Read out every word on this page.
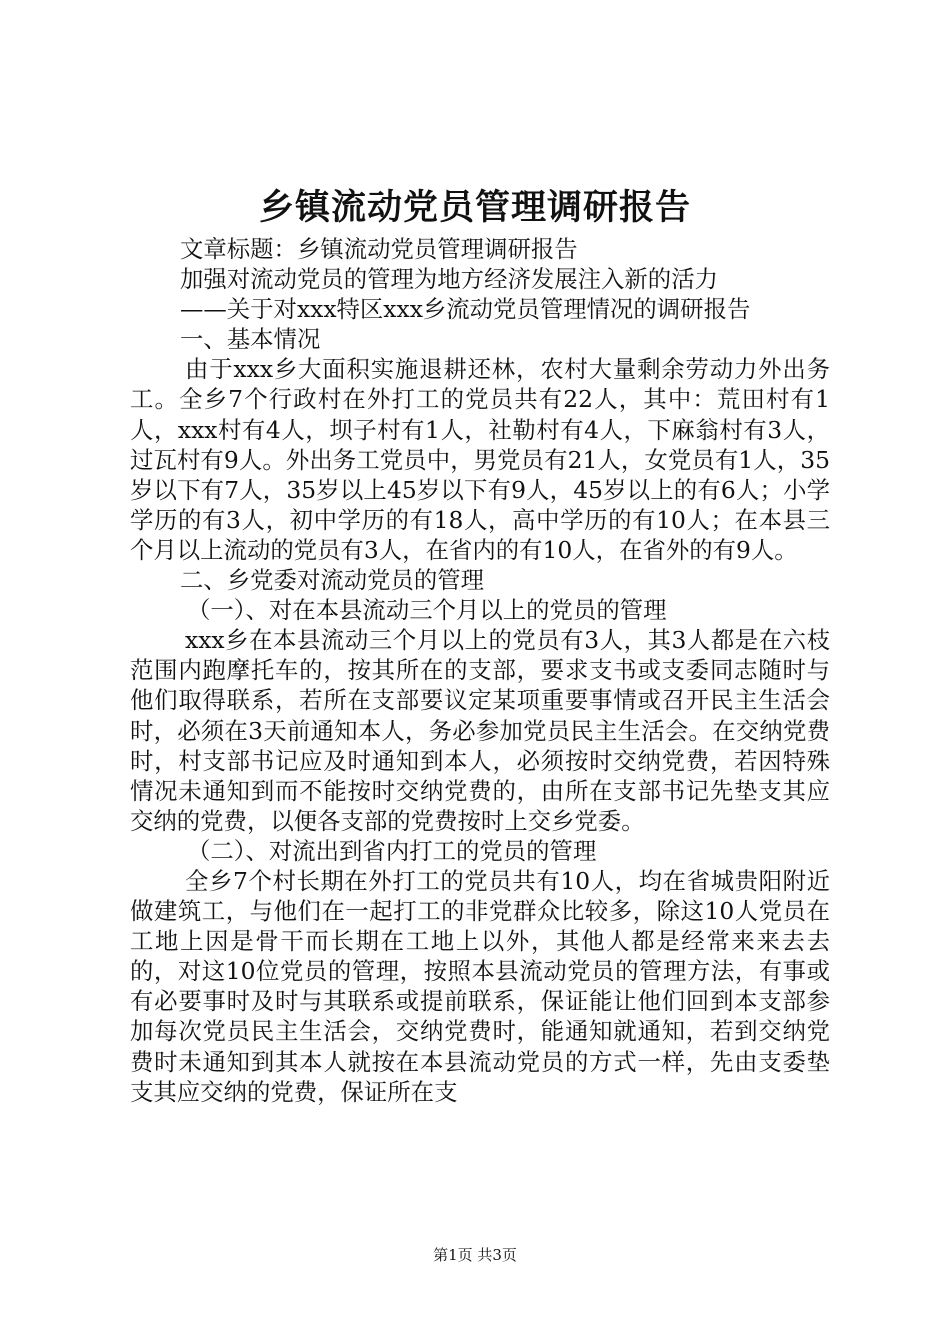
乡镇流动党员管理调研报告

文章标题：乡镇流动党员管理调研报告

加强对流动党员的管理为地方经济发展注入新的活力

——关于对xxx特区xxx乡流动党员管理情况的调研报告

一、基本情况

由于xxx乡大面积实施退耕还林，农村大量剩余劳动力外出务工。全乡7个行政村在外打工的党员共有22人，其中：荒田村有1人，xxx村有4人，坝子村有1人，社勒村有4人，下麻翁村有3人，过瓦村有9人。外出务工党员中，男党员有21人，女党员有1人，35岁以下有7人，35岁以上45岁以下有9人，45岁以上的有6人；小学学历的有3人，初中学历的有18人，高中学历的有10人；在本县三个月以上流动的党员有3人，在省内的有10人，在省外的有9人。

二、乡党委对流动党员的管理

（一）、对在本县流动三个月以上的党员的管理

xxx乡在本县流动三个月以上的党员有3人，其3人都是在六枝范围内跑摩托车的，按其所在的支部，要求支书或支委同志随时与他们取得联系，若所在支部要议定某项重要事情或召开民主生活会时，必须在3天前通知本人，务必参加党员民主生活会。在交纳党费时，村支部书记应及时通知到本人，必须按时交纳党费，若因特殊情况未通知到而不能按时交纳党费的，由所在支部书记先垫支其应交纳的党费，以便各支部的党费按时上交乡党委。

（二）、对流出到省内打工的党员的管理

全乡7个村长期在外打工的党员共有10人，均在省城贵阳附近做建筑工，与他们在一起打工的非党群众比较多，除这10人党员在工地上因是骨干而长期在工地上以外，其他人都是经常来来去去的，对这10位党员的管理，按照本县流动党员的管理方法，有事或有必要事时及时与其联系或提前联系，保证能让他们回到本支部参加每次党员民主生活会，交纳党费时，能通知就通知，若到交纳党费时未通知到其本人就按在本县流动党员的方式一样，先由支委垫支其应交纳的党费，保证所在支

第1页 共3页
